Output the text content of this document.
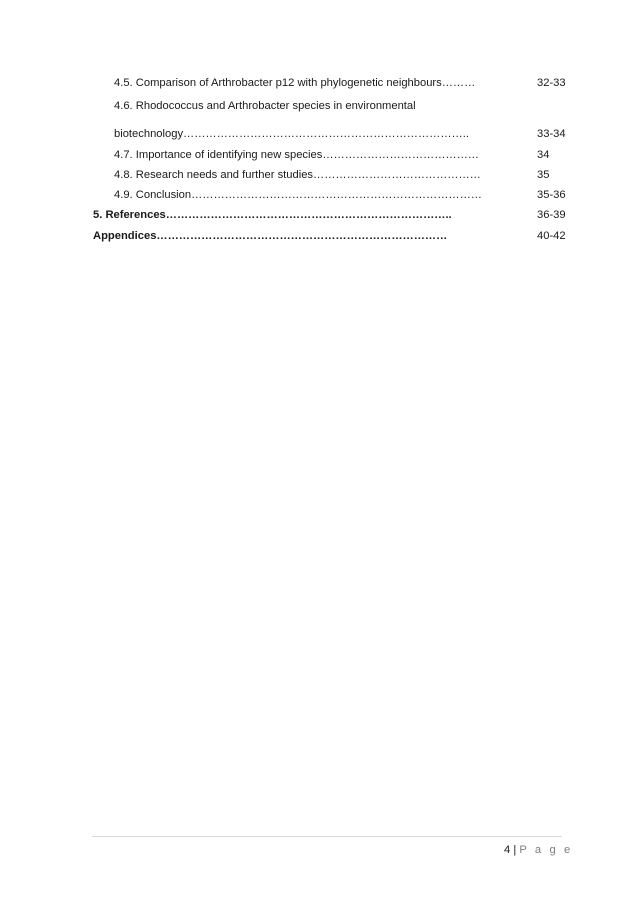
4.5. Comparison of Arthrobacter p12 with phylogenetic neighbours………	32-33
4.6. Rhodococcus and Arthrobacter species in environmental
biotechnology…………………………………………………………………..	33-34
4.7. Importance of identifying new species……………………………………	34
4.8. Research needs and further studies………………………………………	35
4.9. Conclusion……………………………………………………………………	35-36
5. References…………………………………………………………………..	36-39
Appendices……………………………………………………………………	40-42
4 | P a g e
